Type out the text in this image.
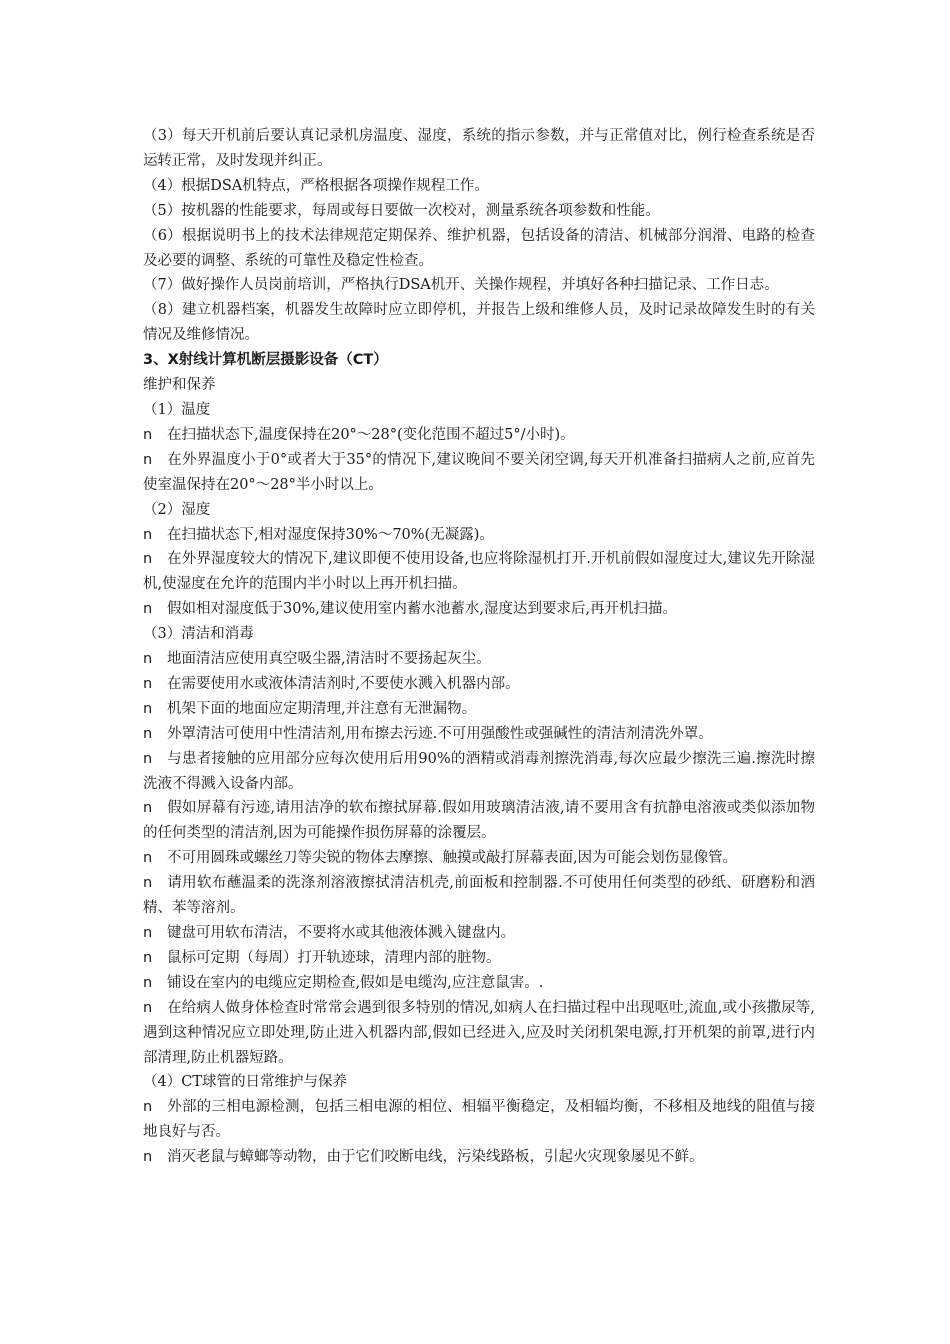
（3）每天开机前后要认真记录机房温度、湿度，系统的指示参数，并与正常值对比，例行检查系统是否运转正常，及时发现并纠正。

（4）根据DSA机特点，严格根据各项操作规程工作。

（5）按机器的性能要求，每周或每日要做一次校对，测量系统各项参数和性能。

（6）根据说明书上的技术法律规范定期保养、维护机器，包括设备的清洁、机械部分润滑、电路的检查及必要的调整、系统的可靠性及稳定性检查。

（7）做好操作人员岗前培训，严格执行DSA机开、关操作规程，并填好各种扫描记录、工作日志。

（8）建立机器档案，机器发生故障时应立即停机，并报告上级和维修人员，及时记录故障发生时的有关情况及维修情况。

3、X射线计算机断层摄影设备（CT）

维护和保养

（1）温度

n 在扫描状态下,温度保持在20°～28°(变化范围不超过5°/小时)。

n 在外界温度小于0°或者大于35°的情况下,建议晚间不要关闭空调,每天开机准备扫描病人之前,应首先使室温保持在20°～28°半小时以上。

（2）湿度

n 在扫描状态下,相对湿度保持30%～70%(无凝露)。

n 在外界湿度较大的情况下,建议即便不使用设备,也应将除湿机打开.开机前假如湿度过大,建议先开除湿机,使湿度在允许的范围内半小时以上再开机扫描。

n 假如相对湿度低于30%,建议使用室内蓄水池蓄水,湿度达到要求后,再开机扫描。

（3）清洁和消毒

n 地面清洁应使用真空吸尘器,清洁时不要扬起灰尘。

n 在需要使用水或液体清洁剂时,不要使水溅入机器内部。

n 机架下面的地面应定期清理,并注意有无泄漏物。

n 外罩清洁可使用中性清洁剂,用布擦去污迹.不可用强酸性或强碱性的清洁剂清洗外罩。

n 与患者接触的应用部分应每次使用后用90%的酒精或消毒剂擦洗消毒,每次应最少擦洗三遍.擦洗时擦洗液不得溅入设备内部。

n 假如屏幕有污迹,请用洁净的软布擦拭屏幕.假如用玻璃清洁液,请不要用含有抗静电溶液或类似添加物的任何类型的清洁剂,因为可能操作损伤屏幕的涂覆层。

n 不可用圆珠或螺丝刀等尖锐的物体去摩擦、触摸或敲打屏幕表面,因为可能会划伤显像管。

n 请用软布蘸温柔的洗涤剂溶液擦拭清洁机壳,前面板和控制器.不可使用任何类型的砂纸、研磨粉和酒精、苯等溶剂。

n 键盘可用软布清洁，不要将水或其他液体溅入键盘内。

n 鼠标可定期（每周）打开轨迹球，清理内部的脏物。

n 铺设在室内的电缆应定期检查,假如是电缆沟,应注意鼠害。.

n 在给病人做身体检查时常常会遇到很多特别的情况,如病人在扫描过程中出现呕吐,流血,或小孩撒尿等,遇到这种情况应立即处理,防止进入机器内部,假如已经进入,应及时关闭机架电源,打开机架的前罩,进行内部清理,防止机器短路。

（4）CT球管的日常维护与保养

n 外部的三相电源检测，包括三相电源的相位、相辐平衡稳定，及相辐均衡，不移相及地线的阻值与接地良好与否。

n 消灭老鼠与蟑螂等动物，由于它们咬断电线，污染线路板，引起火灾现象屡见不鲜。
